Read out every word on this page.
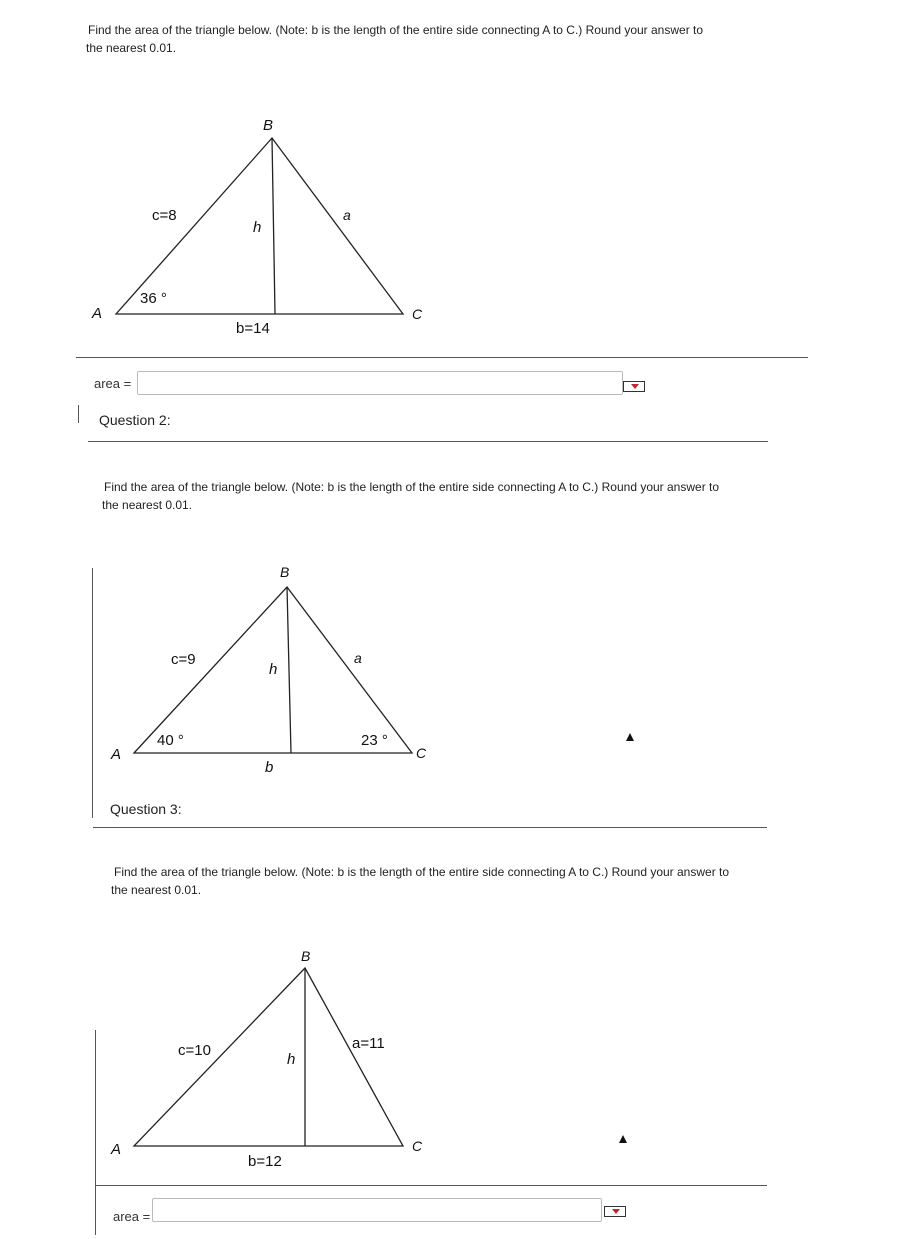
Find the area of the triangle below. (Note: b is the length of the entire side connecting A to C.) Round your answer to
the nearest 0.01.
B
A	C
c=8
h
a
36 °
b=14
area =
Question 2:
Find the area of the triangle below. (Note: b is the length of the entire side connecting A to C.) Round your answer to
the nearest 0.01.
B
A	C
c=9
h
a
40 °	23 °
b
Question 3:
Find the area of the triangle below. (Note: b is the length of the entire side connecting A to C.) Round your answer to
the nearest 0.01.
B
A	C
c=10
h
a=11
b=12
area =
